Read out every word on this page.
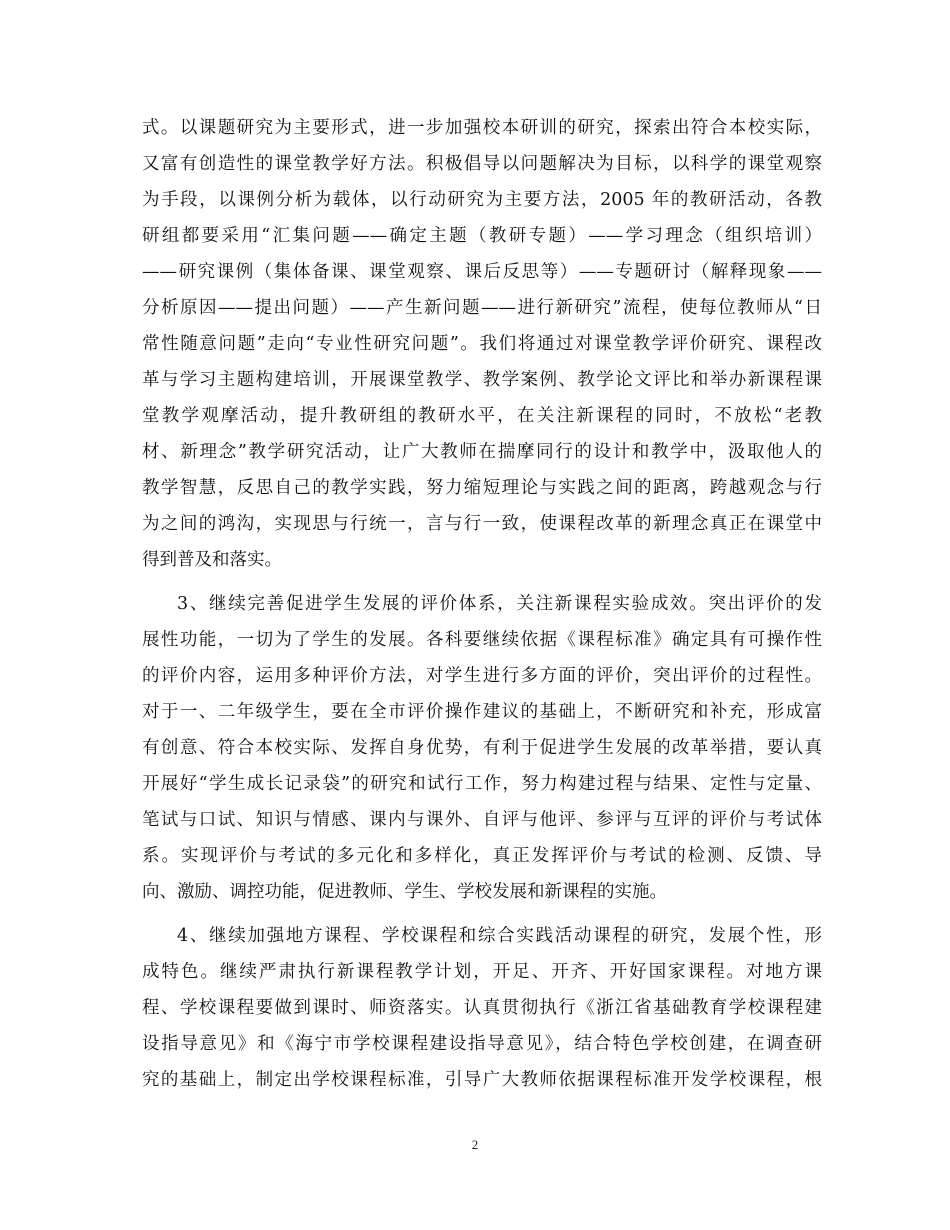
式。以课题研究为主要形式，进一步加强校本研训的研究，探索出符合本校实际，
又富有创造性的课堂教学好方法。积极倡导以问题解决为目标，以科学的课堂观察
为手段，以课例分析为载体，以行动研究为主要方法，2005 年的教研活动，各教
研组都要采用“汇集问题——确定主题（教研专题）——学习理念（组织培训）
——研究课例（集体备课、课堂观察、课后反思等）——专题研讨（解释现象——
分析原因——提出问题）——产生新问题——进行新研究”流程，使每位教师从“日
常性随意问题”走向“专业性研究问题”。我们将通过对课堂教学评价研究、课程改
革与学习主题构建培训，开展课堂教学、教学案例、教学论文评比和举办新课程课
堂教学观摩活动，提升教研组的教研水平，在关注新课程的同时，不放松“老教
材、新理念”教学研究活动，让广大教师在揣摩同行的设计和教学中，汲取他人的
教学智慧，反思自己的教学实践，努力缩短理论与实践之间的距离，跨越观念与行
为之间的鸿沟，实现思与行统一，言与行一致，使课程改革的新理念真正在课堂中
得到普及和落实。
3、继续完善促进学生发展的评价体系，关注新课程实验成效。突出评价的发
展性功能，一切为了学生的发展。各科要继续依据《课程标准》确定具有可操作性
的评价内容，运用多种评价方法，对学生进行多方面的评价，突出评价的过程性。
对于一、二年级学生，要在全市评价操作建议的基础上，不断研究和补充，形成富
有创意、符合本校实际、发挥自身优势，有利于促进学生发展的改革举措，要认真
开展好“学生成长记录袋”的研究和试行工作，努力构建过程与结果、定性与定量、
笔试与口试、知识与情感、课内与课外、自评与他评、参评与互评的评价与考试体
系。实现评价与考试的多元化和多样化，真正发挥评价与考试的检测、反馈、导
向、激励、调控功能，促进教师、学生、学校发展和新课程的实施。
4、继续加强地方课程、学校课程和综合实践活动课程的研究，发展个性，形
成特色。继续严肃执行新课程教学计划，开足、开齐、开好国家课程。对地方课
程、学校课程要做到课时、师资落实。认真贯彻执行《浙江省基础教育学校课程建
设指导意见》和《海宁市学校课程建设指导意见》，结合特色学校创建，在调查研
究的基础上，制定出学校课程标准，引导广大教师依据课程标准开发学校课程，根
2
